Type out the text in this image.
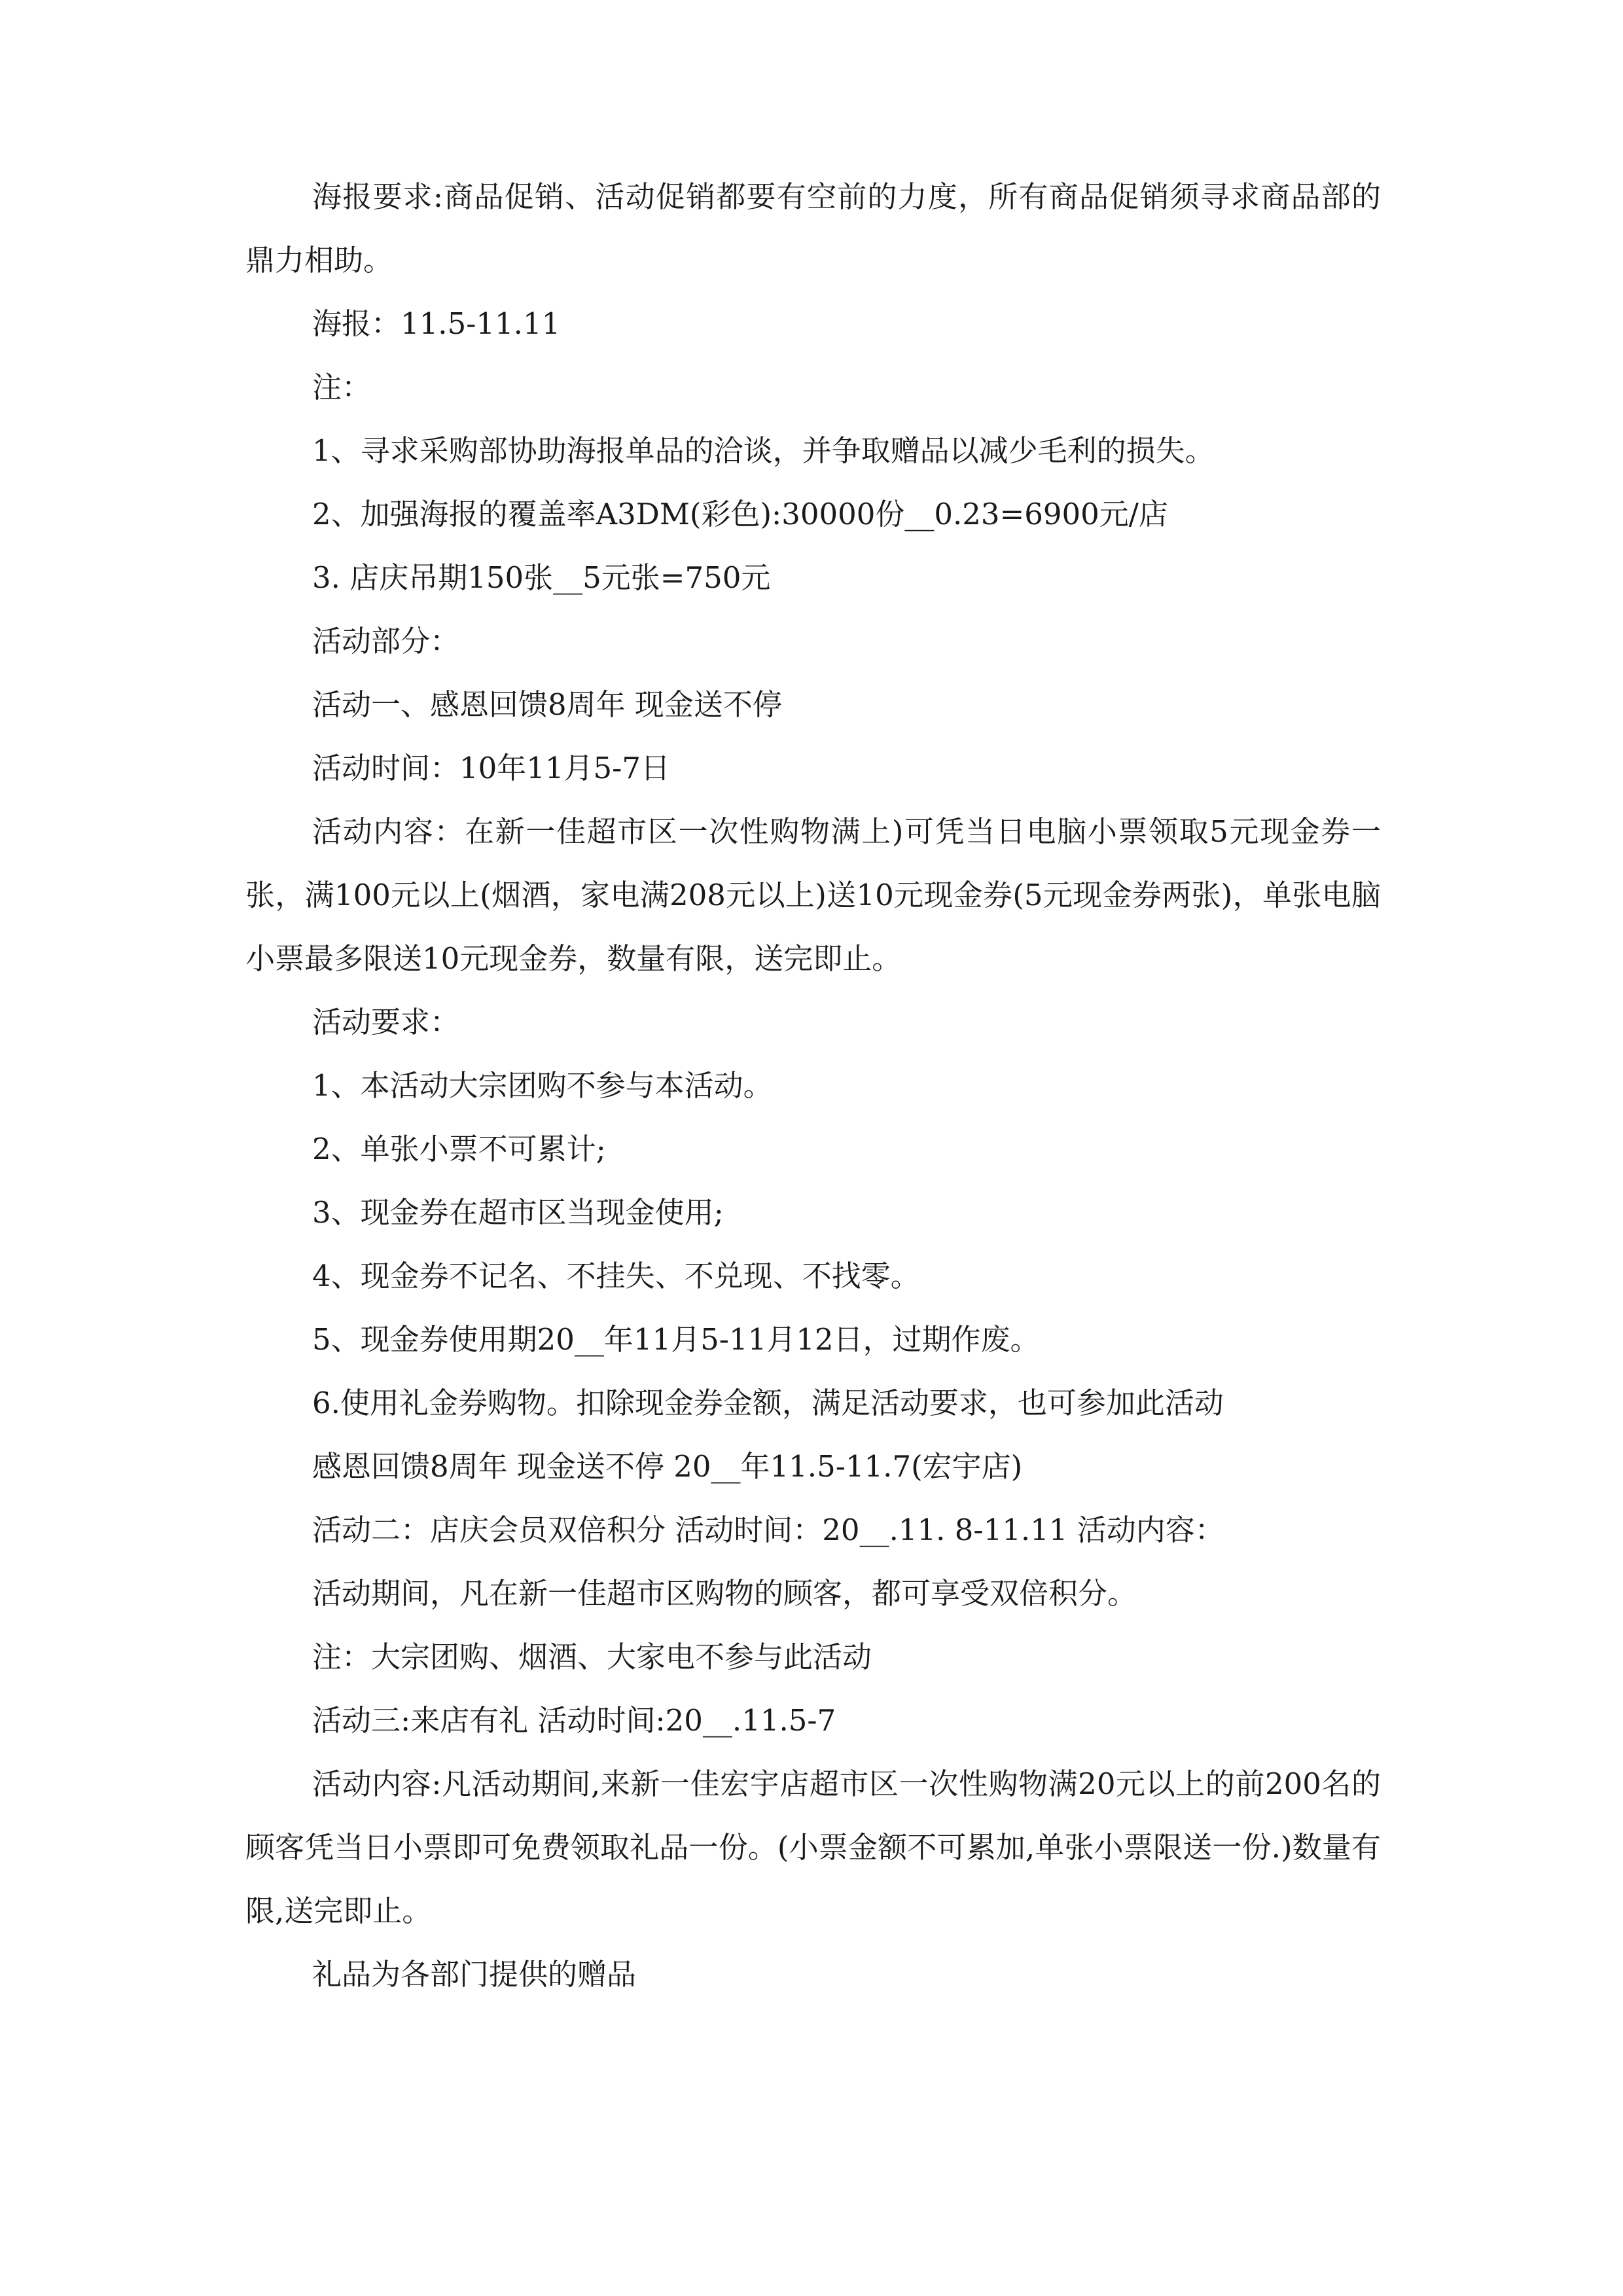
海报要求:商品促销、活动促销都要有空前的力度，所有商品促销须寻求商品部的鼎力相助。

海报：11.5-11.11

注：

1、寻求采购部协助海报单品的洽谈，并争取赠品以减少毛利的损失。

2、加强海报的覆盖率A3DM(彩色):30000份__0.23=6900元/店

3. 店庆吊期150张__5元张=750元

活动部分：

活动一、感恩回馈8周年 现金送不停

活动时间：10年11月5-7日

活动内容：在新一佳超市区一次性购物满上)可凭当日电脑小票领取5元现金券一张，满100元以上(烟酒，家电满208元以上)送10元现金券(5元现金券两张)，单张电脑小票最多限送10元现金券，数量有限，送完即止。

活动要求：

1、本活动大宗团购不参与本活动。

2、单张小票不可累计;

3、现金券在超市区当现金使用;

4、现金券不记名、不挂失、不兑现、不找零。

5、现金券使用期20__年11月5-11月12日，过期作废。

6.使用礼金券购物。扣除现金券金额，满足活动要求，也可参加此活动

感恩回馈8周年 现金送不停 20__年11.5-11.7(宏宇店)

活动二：店庆会员双倍积分 活动时间：20__.11. 8-11.11 活动内容：

活动期间，凡在新一佳超市区购物的顾客，都可享受双倍积分。

注：大宗团购、烟酒、大家电不参与此活动

活动三:来店有礼 活动时间:20__.11.5-7

活动内容:凡活动期间,来新一佳宏宇店超市区一次性购物满20元以上的前200名的顾客凭当日小票即可免费领取礼品一份。(小票金额不可累加,单张小票限送一份.)数量有限,送完即止。

礼品为各部门提供的赠品
